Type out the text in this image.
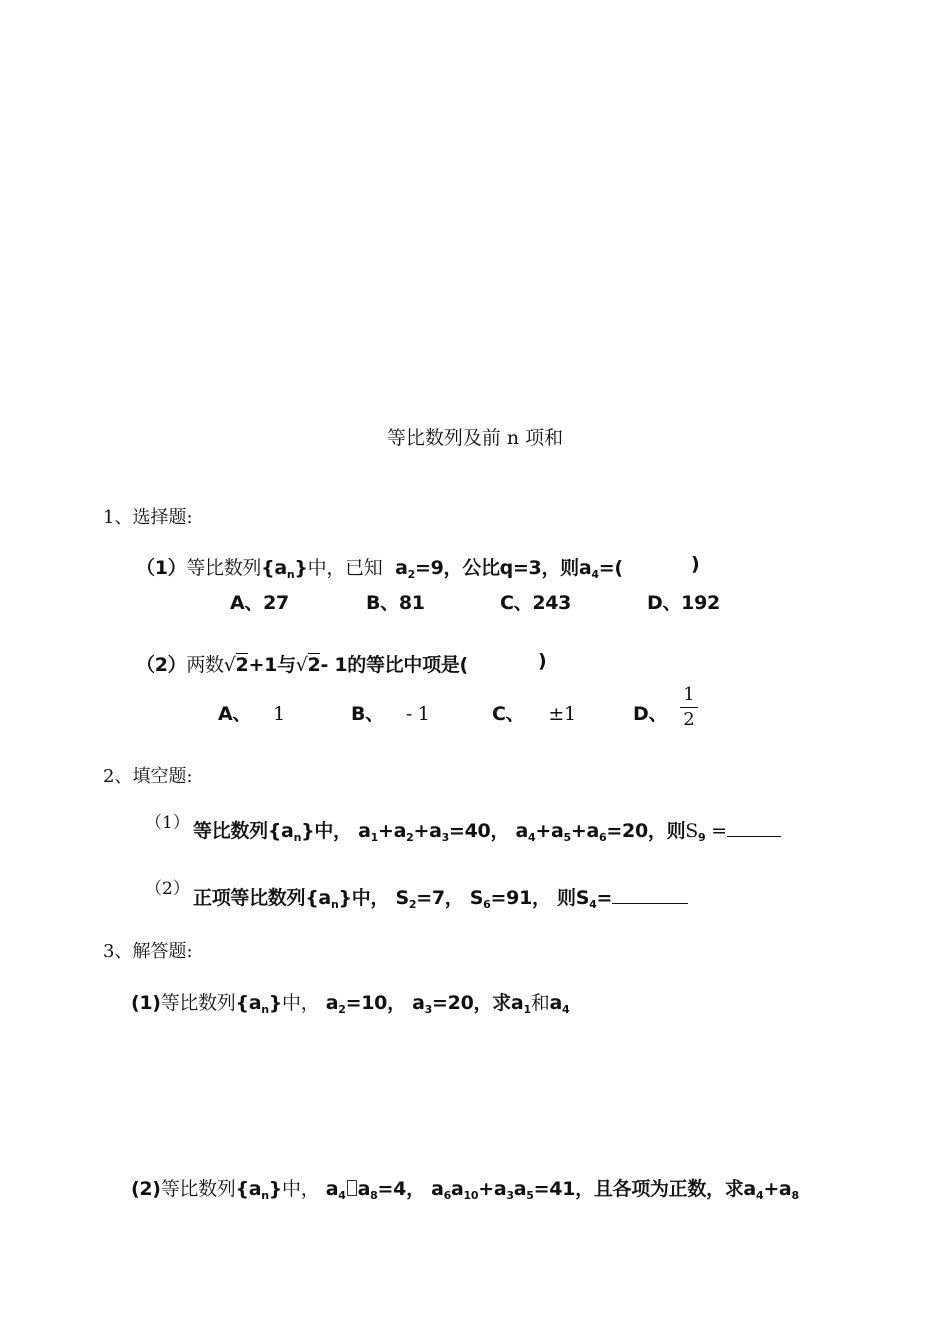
等比数列及前 n 项和
1、选择题:
（1）等比数列$\{a_n\}$中，已知 $a_2=9$，公比q=3，则$a_4=$(	)
A、27	B、81	C、243	D、192
（2）两数√2+1与√2- 1的等比中项是(	)
A、 1	B、 - 1	C、 ±1	D、
1
2
2、填空题:
（1） 等比数列$\{a_n\}$中， $a_1+a_2+a_3=40$， $a_4+a_5+a_6=20$，则$S_9$ =
（2） 正项等比数列$\{a_n\}$中， $S_2=7$， $S_6=91$， 则$S_4=$
3、解答题:
(1)等比数列$\{a_n\}$中， $a_2=10$， $a_3=20$，求$a_1$和$a_4$
(2)等比数列$\{a_n\}$中， $a_4$ $a_8=4$， $a_6a_{10}+a_3a_5=41$，且各项为正数，求$a_4+a_8$
